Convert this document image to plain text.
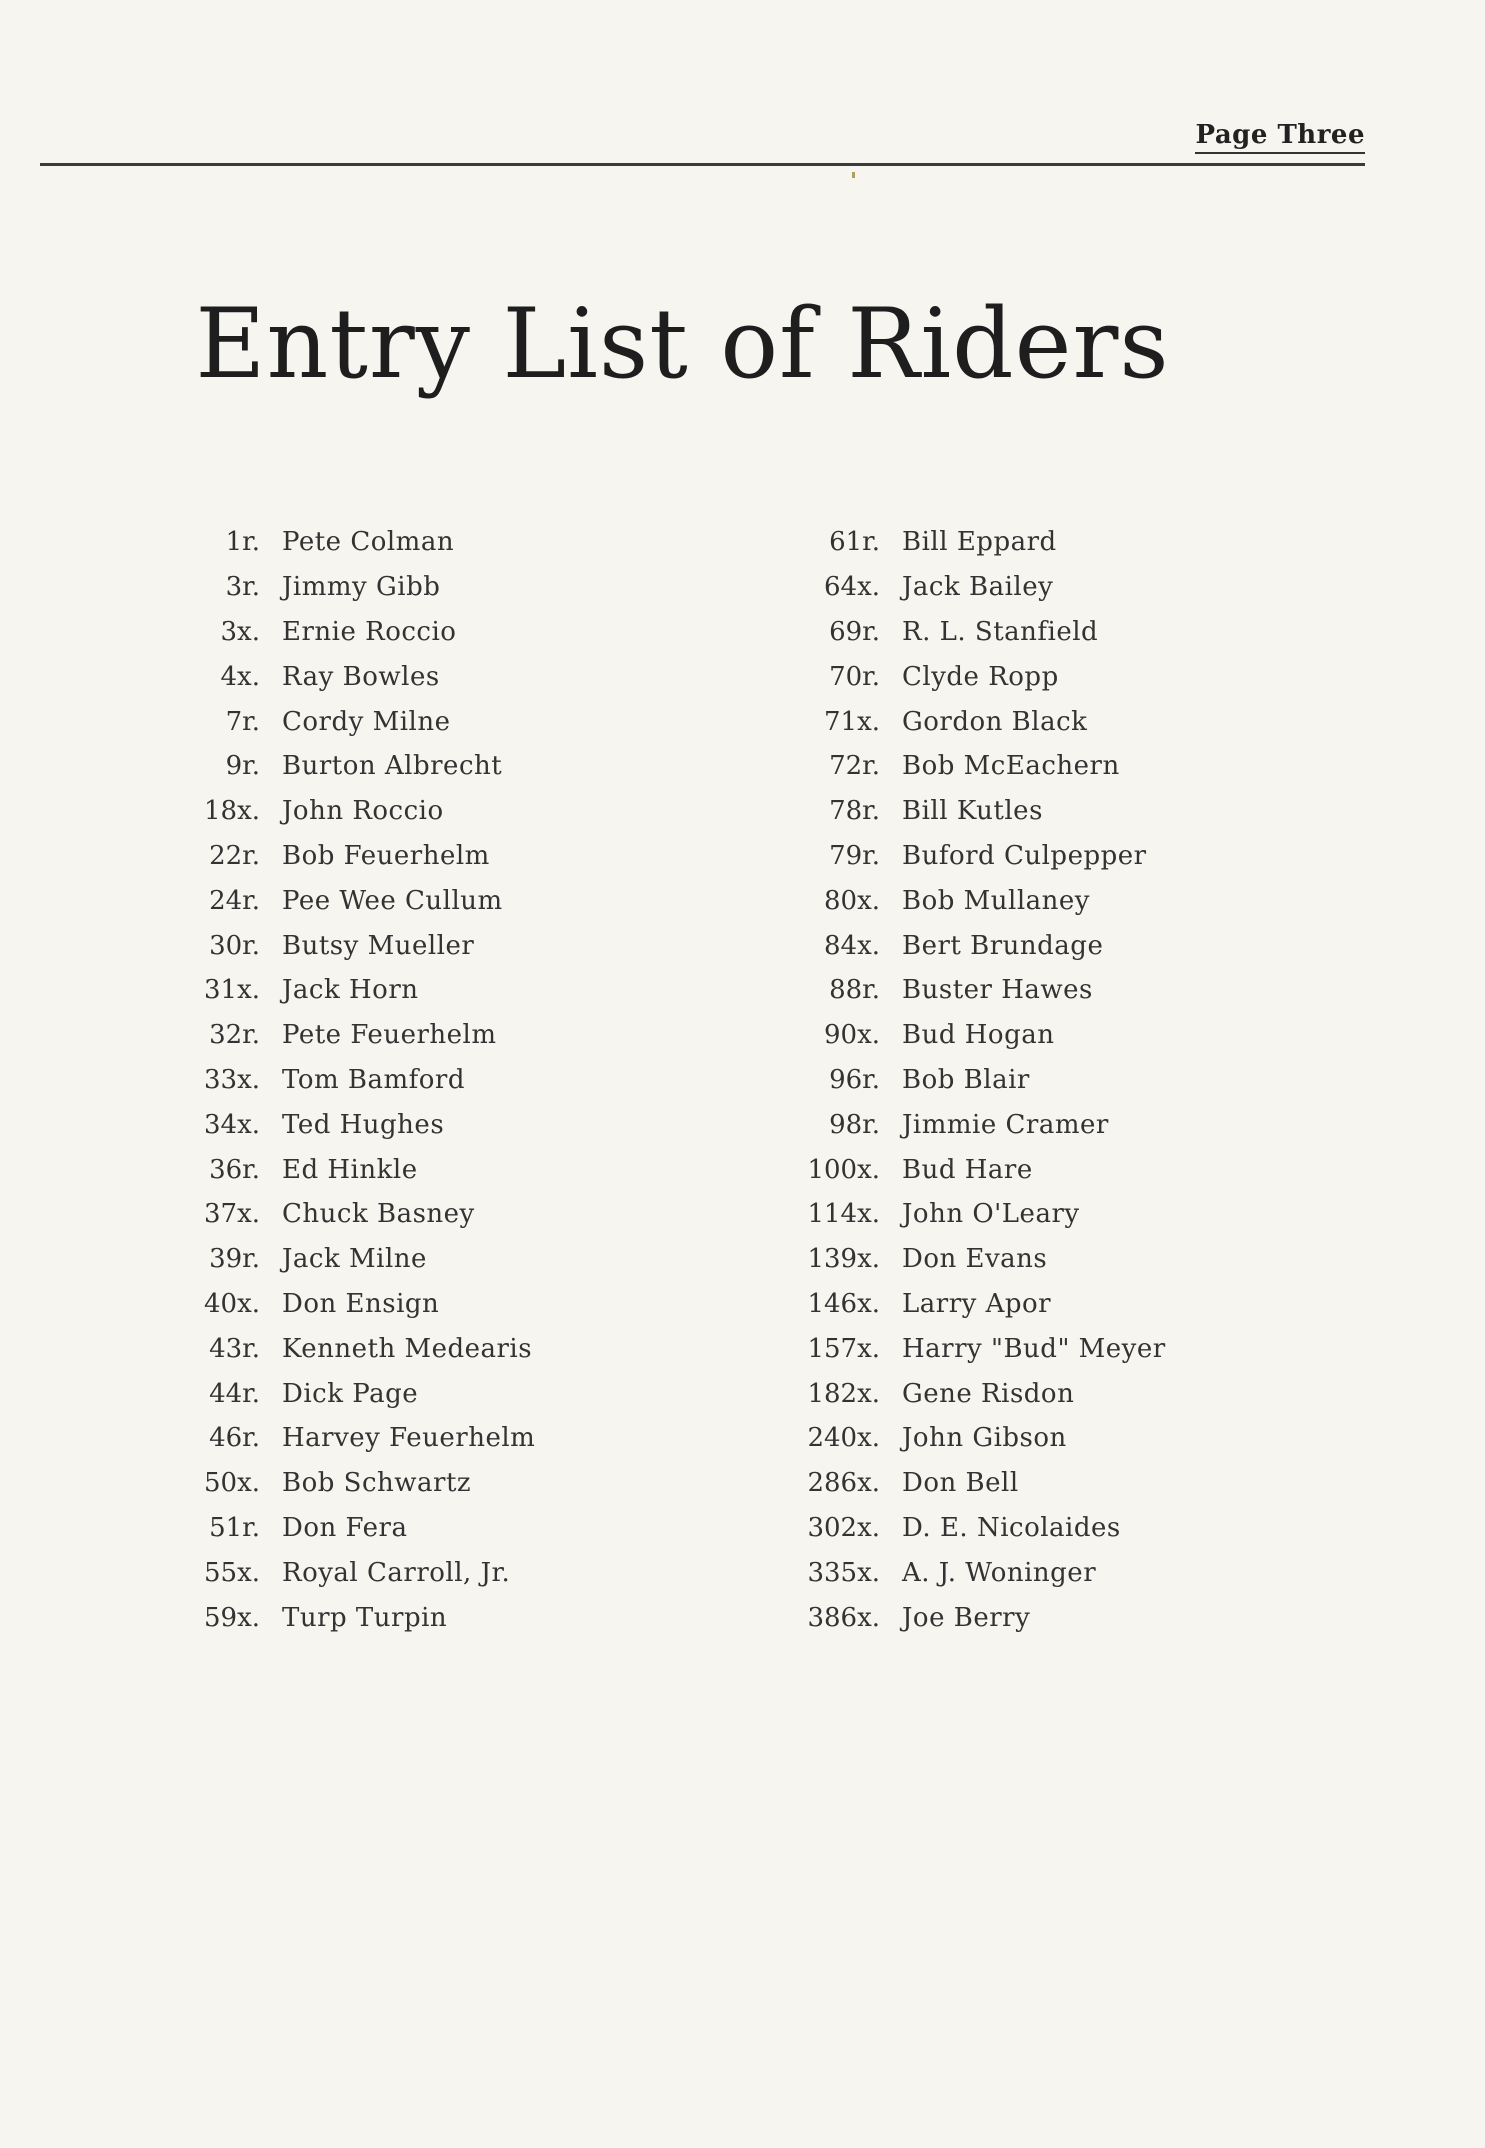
Page Three
Entry List of Riders
1r. Pete Colman
3r. Jimmy Gibb
3x. Ernie Roccio
4x. Ray Bowles
7r. Cordy Milne
9r. Burton Albrecht
18x. John Roccio
22r. Bob Feuerhelm
24r. Pee Wee Cullum
30r. Butsy Mueller
31x. Jack Horn
32r. Pete Feuerhelm
33x. Tom Bamford
34x. Ted Hughes
36r. Ed Hinkle
37x. Chuck Basney
39r. Jack Milne
40x. Don Ensign
43r. Kenneth Medearis
44r. Dick Page
46r. Harvey Feuerhelm
50x. Bob Schwartz
51r. Don Fera
55x. Royal Carroll, Jr.
59x. Turp Turpin
61r. Bill Eppard
64x. Jack Bailey
69r. R. L. Stanfield
70r. Clyde Ropp
71x. Gordon Black
72r. Bob McEachern
78r. Bill Kutles
79r. Buford Culpepper
80x. Bob Mullaney
84x. Bert Brundage
88r. Buster Hawes
90x. Bud Hogan
96r. Bob Blair
98r. Jimmie Cramer
100x. Bud Hare
114x. John O'Leary
139x. Don Evans
146x. Larry Apor
157x. Harry "Bud" Meyer
182x. Gene Risdon
240x. John Gibson
286x. Don Bell
302x. D. E. Nicolaides
335x. A. J. Woninger
386x. Joe Berry
